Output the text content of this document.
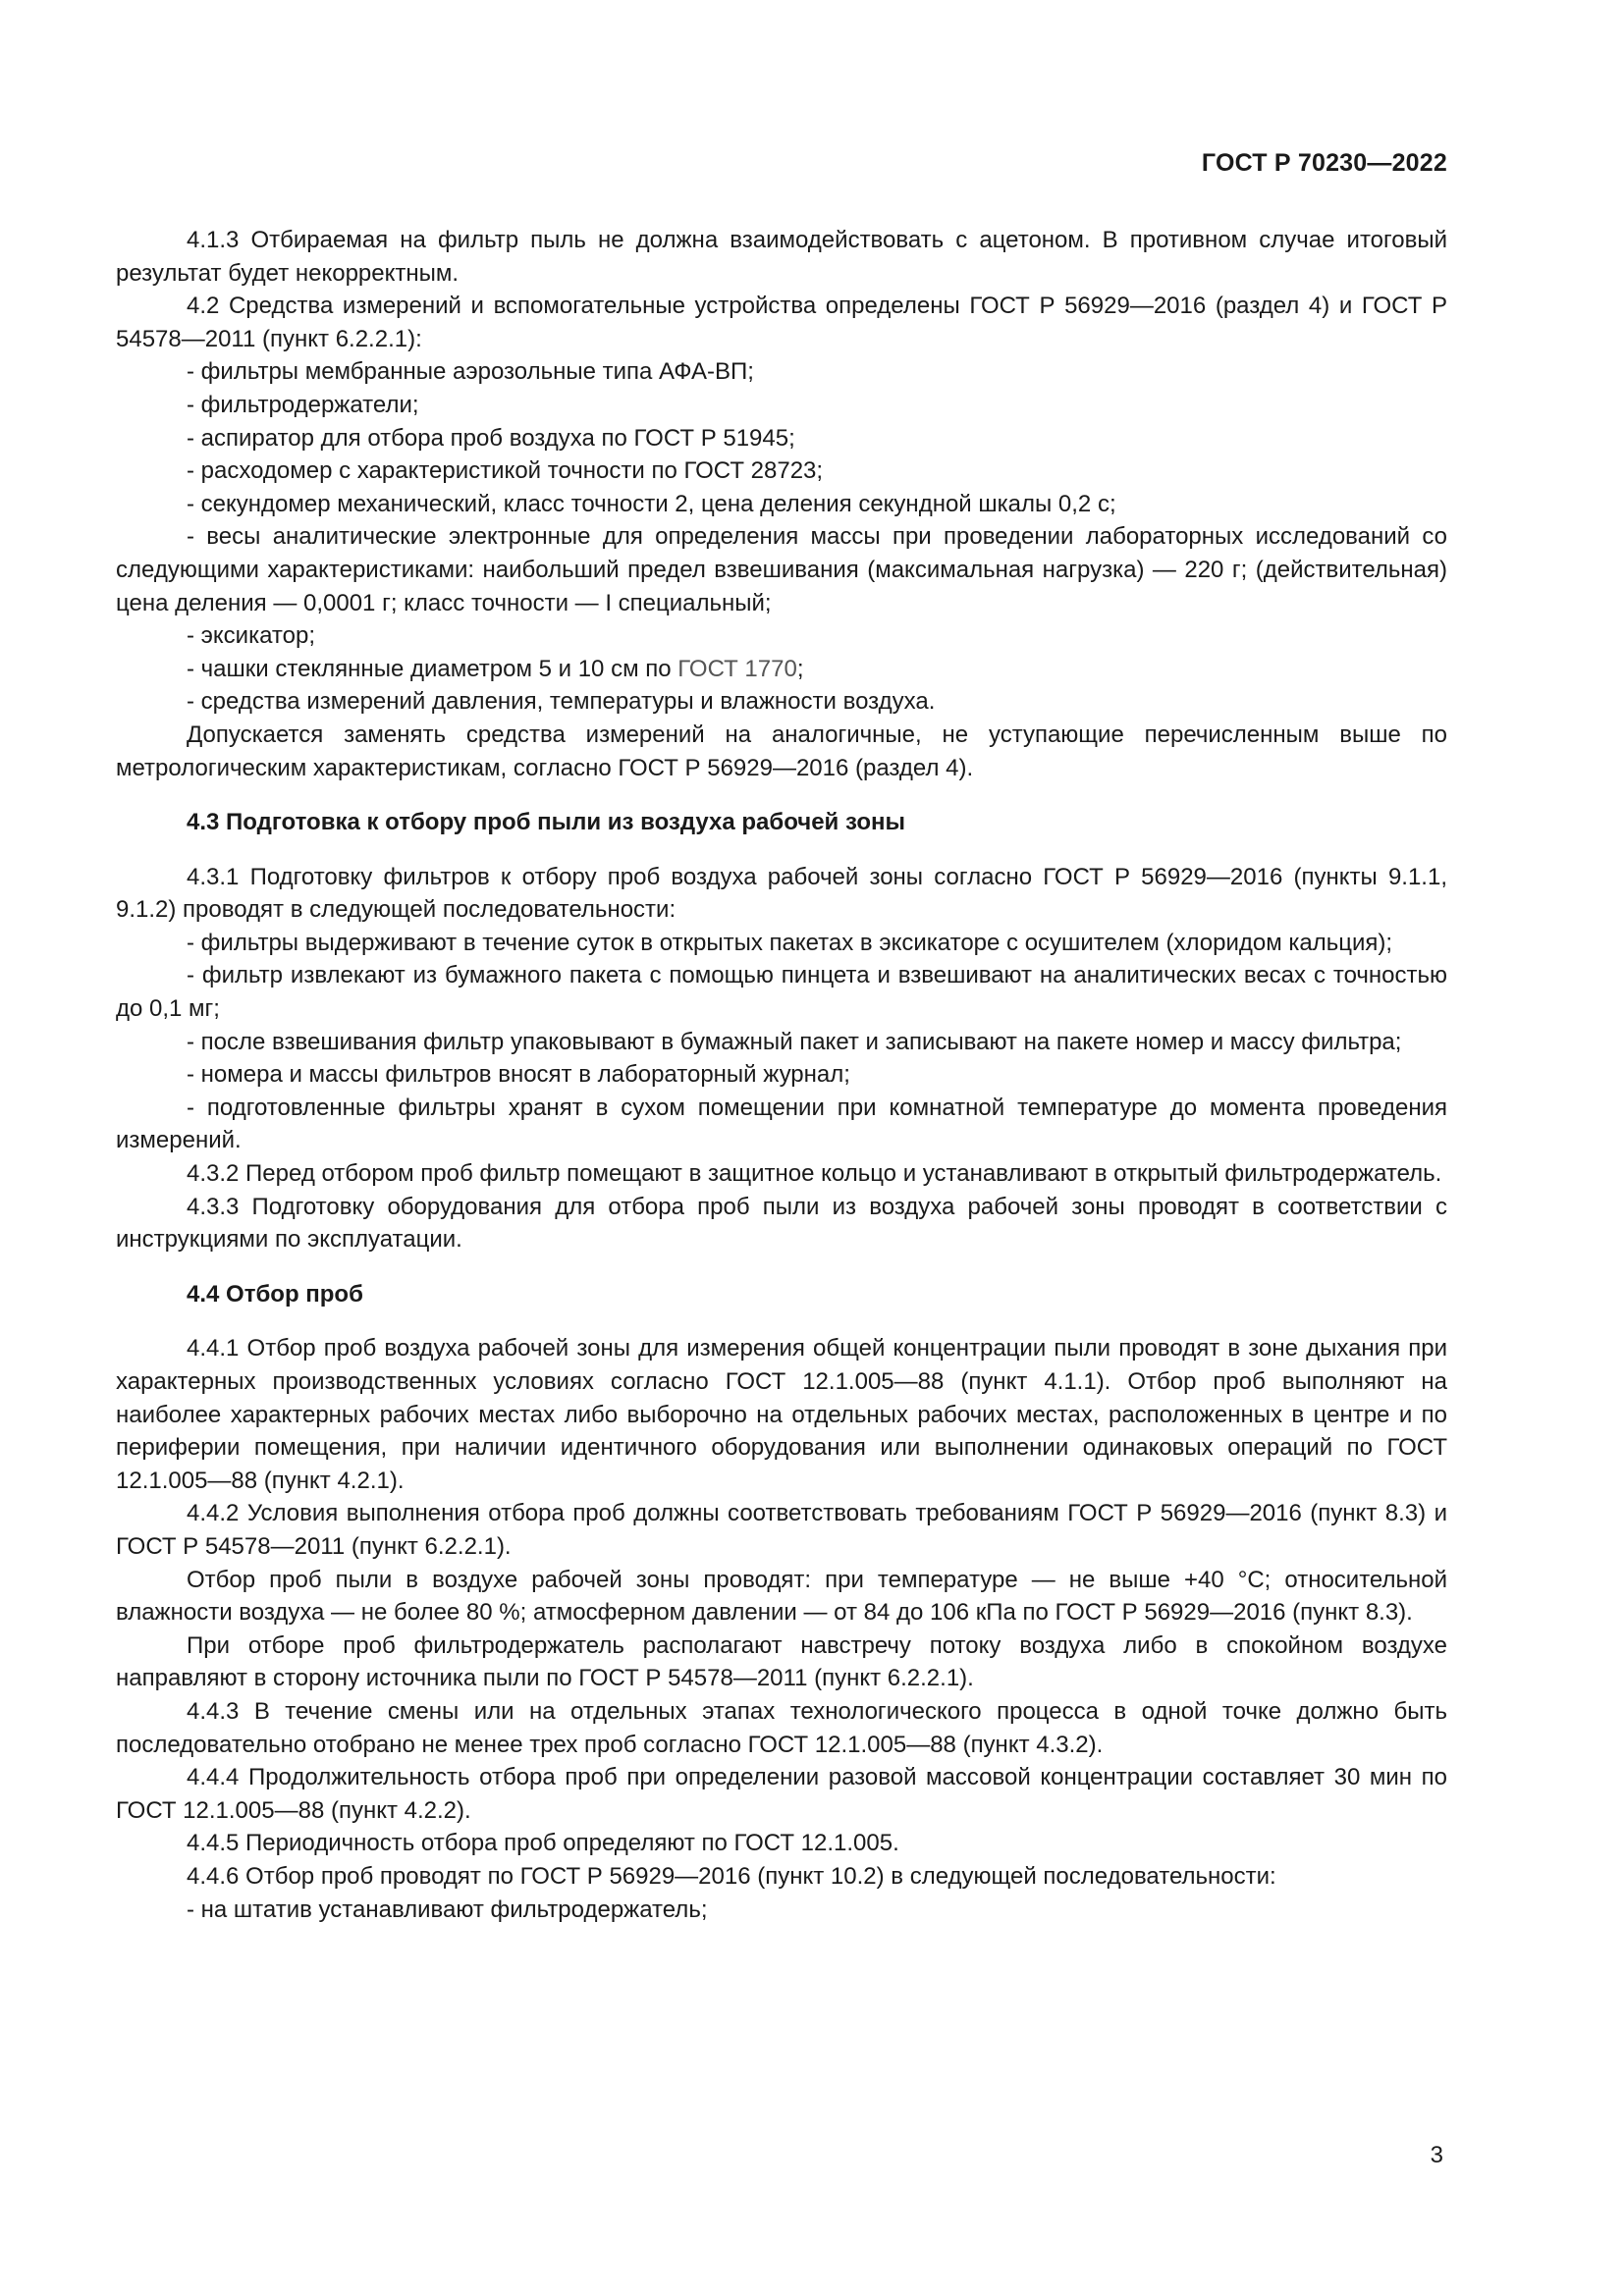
ГОСТ Р 70230—2022

4.1.3 Отбираемая на фильтр пыль не должна взаимодействовать с ацетоном. В противном случае итоговый результат будет некорректным.

4.2 Средства измерений и вспомогательные устройства определены ГОСТ Р 56929—2016 (раздел 4) и ГОСТ Р 54578—2011 (пункт 6.2.2.1):

- фильтры мембранные аэрозольные типа АФА-ВП;

- фильтродержатели;

- аспиратор для отбора проб воздуха по ГОСТ Р 51945;

- расходомер с характеристикой точности по ГОСТ 28723;

- секундомер механический, класс точности 2, цена деления секундной шкалы 0,2 с;

- весы аналитические электронные для определения массы при проведении лабораторных исследований со следующими характеристиками: наибольший предел взвешивания (максимальная нагрузка) — 220 г; (действительная) цена деления — 0,0001 г; класс точности — I специальный;

- эксикатор;

- чашки стеклянные диаметром 5 и 10 см по ГОСТ 1770;

- средства измерений давления, температуры и влажности воздуха.

Допускается заменять средства измерений на аналогичные, не уступающие перечисленным выше по метрологическим характеристикам, согласно ГОСТ Р 56929—2016 (раздел 4).

4.3 Подготовка к отбору проб пыли из воздуха рабочей зоны

4.3.1 Подготовку фильтров к отбору проб воздуха рабочей зоны согласно ГОСТ Р 56929—2016 (пункты 9.1.1, 9.1.2) проводят в следующей последовательности:

- фильтры выдерживают в течение суток в открытых пакетах в эксикаторе с осушителем (хлоридом кальция);

- фильтр извлекают из бумажного пакета с помощью пинцета и взвешивают на аналитических весах с точностью до 0,1 мг;

- после взвешивания фильтр упаковывают в бумажный пакет и записывают на пакете номер и массу фильтра;

- номера и массы фильтров вносят в лабораторный журнал;

- подготовленные фильтры хранят в сухом помещении при комнатной температуре до момента проведения измерений.

4.3.2 Перед отбором проб фильтр помещают в защитное кольцо и устанавливают в открытый фильтродержатель.

4.3.3 Подготовку оборудования для отбора проб пыли из воздуха рабочей зоны проводят в соответствии с инструкциями по эксплуатации.

4.4 Отбор проб

4.4.1 Отбор проб воздуха рабочей зоны для измерения общей концентрации пыли проводят в зоне дыхания при характерных производственных условиях согласно ГОСТ 12.1.005—88 (пункт 4.1.1). Отбор проб выполняют на наиболее характерных рабочих местах либо выборочно на отдельных рабочих местах, расположенных в центре и по периферии помещения, при наличии идентичного оборудования или выполнении одинаковых операций по ГОСТ 12.1.005—88 (пункт 4.2.1).

4.4.2 Условия выполнения отбора проб должны соответствовать требованиям ГОСТ Р 56929—2016 (пункт 8.3) и ГОСТ Р 54578—2011 (пункт 6.2.2.1).

Отбор проб пыли в воздухе рабочей зоны проводят: при температуре — не выше +40 °С; относительной влажности воздуха — не более 80 %; атмосферном давлении — от 84 до 106 кПа по ГОСТ Р 56929—2016 (пункт 8.3).

При отборе проб фильтродержатель располагают навстречу потоку воздуха либо в спокойном воздухе направляют в сторону источника пыли по ГОСТ Р 54578—2011 (пункт 6.2.2.1).

4.4.3 В течение смены или на отдельных этапах технологического процесса в одной точке должно быть последовательно отобрано не менее трех проб согласно ГОСТ 12.1.005—88 (пункт 4.3.2).

4.4.4 Продолжительность отбора проб при определении разовой массовой концентрации составляет 30 мин по ГОСТ 12.1.005—88 (пункт 4.2.2).

4.4.5 Периодичность отбора проб определяют по ГОСТ 12.1.005.

4.4.6 Отбор проб проводят по ГОСТ Р 56929—2016 (пункт 10.2) в следующей последовательности:

- на штатив устанавливают фильтродержатель;

3
